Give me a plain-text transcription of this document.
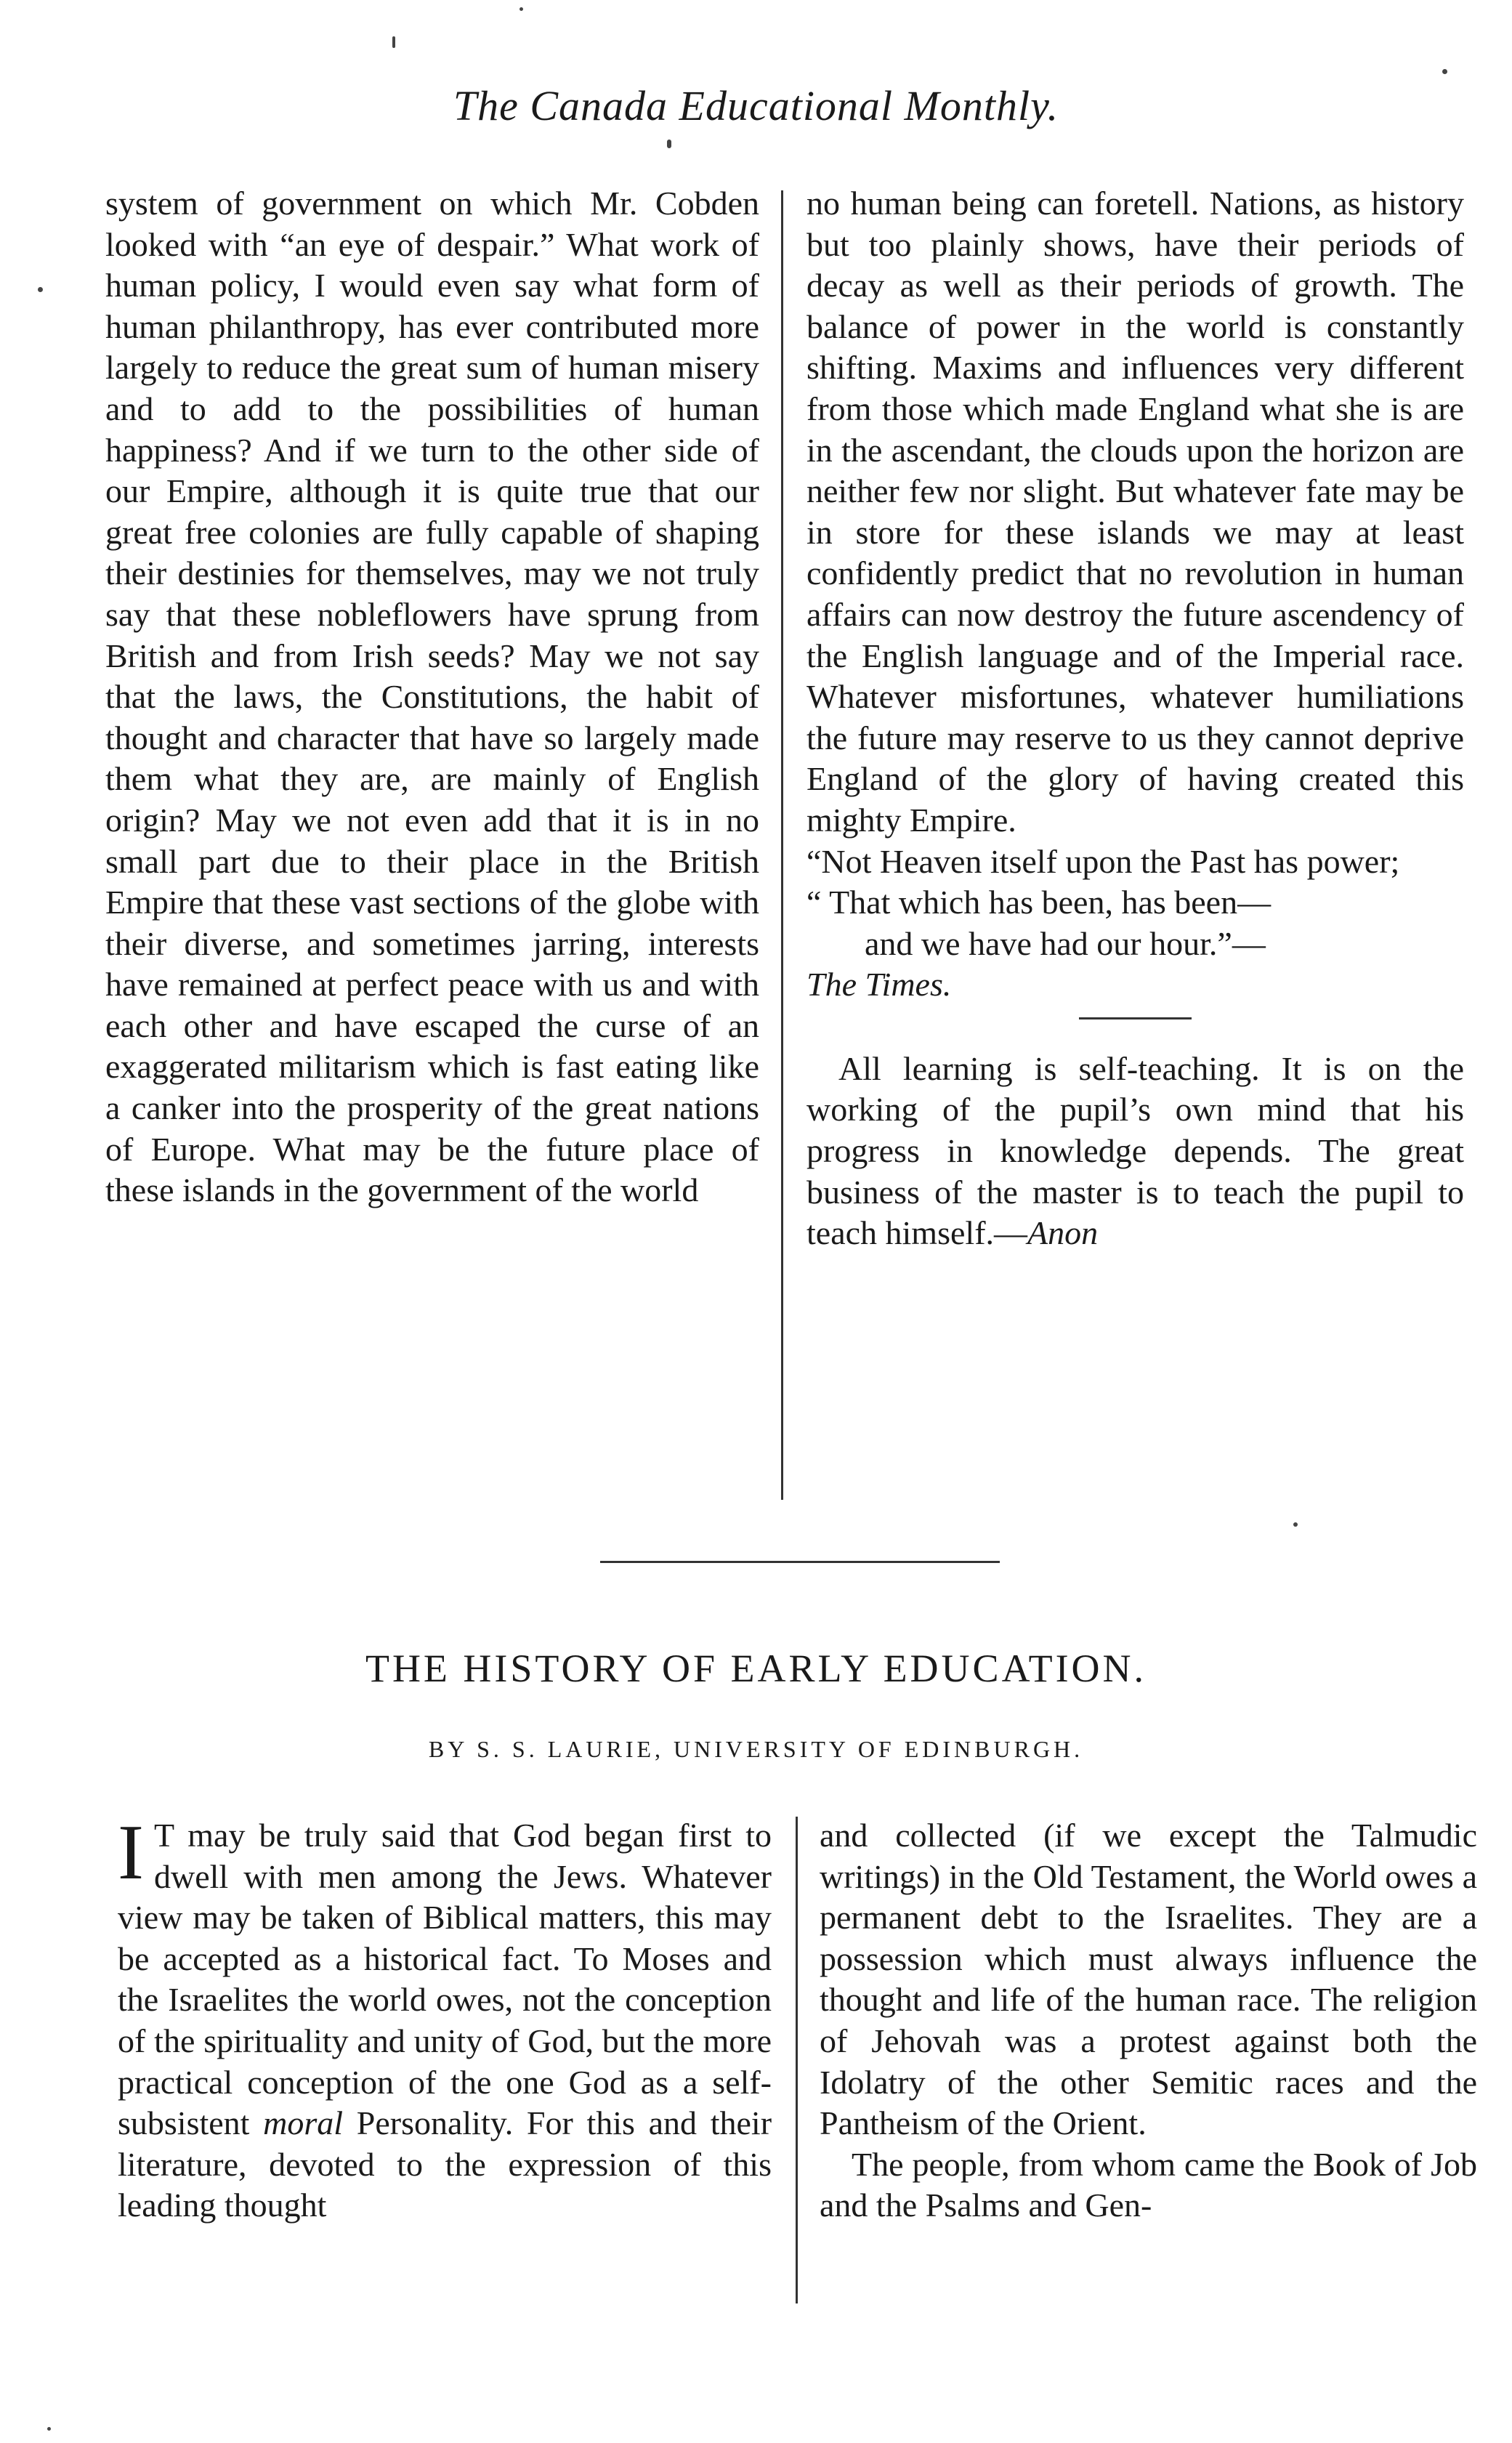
The Canada Educational Monthly.

system of government on which Mr. Cobden looked with “an eye of despair.” What work of human policy, I would even say what form of human philanthropy, has ever contributed more largely to reduce the great sum of human misery and to add to the possibilities of human happiness? And if we turn to the other side of our Empire, although it is quite true that our great free colonies are fully capable of shaping their destinies for themselves, may we not truly say that these nobleflowers have sprung from British and from Irish seeds? May we not say that the laws, the Constitutions, the habit of thought and character that have so largely made them what they are, are mainly of English origin? May we not even add that it is in no small part due to their place in the British Empire that these vast sections of the globe with their diverse, and sometimes jarring, interests have remained at perfect peace with us and with each other and have escaped the curse of an exaggerated militarism which is fast eating like a canker into the prosperity of the great nations of Europe. What may be the future place of these islands in the government of the world

no human being can foretell. Nations, as history but too plainly shows, have their periods of decay as well as their periods of growth. The balance of power in the world is constantly shifting. Maxims and influences very different from those which made England what she is are in the ascendant, the clouds upon the horizon are neither few nor slight. But whatever fate may be in store for these islands we may at least confidently predict that no revolution in human affairs can now destroy the future ascendency of the English language and of the Imperial race. Whatever misfortunes, whatever humiliations the future may reserve to us they cannot deprive England of the glory of having created this mighty Empire.

“Not Heaven itself upon the Past has power;

“ That which has been, has been—

and we have had our hour.”—

The Times.

All learning is self-teaching. It is on the working of the pupil’s own mind that his progress in knowledge depends. The great business of the master is to teach the pupil to teach himself.—Anon

THE HISTORY OF EARLY EDUCATION.
BY S. S. LAURIE, UNIVERSITY OF EDINBURGH.

I T may be truly said that God began first to dwell with men among the Jews. Whatever view may be taken of Biblical matters, this may be accepted as a historical fact. To Moses and the Israelites the world owes, not the conception of the spirituality and unity of God, but the more practical conception of the one God as a self-subsistent moral Personality. For this and their literature, devoted to the expression of this leading thought

and collected (if we except the Talmudic writings) in the Old Testament, the World owes a permanent debt to the Israelites. They are a possession which must always influence the thought and life of the human race. The religion of Jehovah was a protest against both the Idolatry of the other Semitic races and the Pantheism of the Orient.

The people, from whom came the Book of Job and the Psalms and Gen-
